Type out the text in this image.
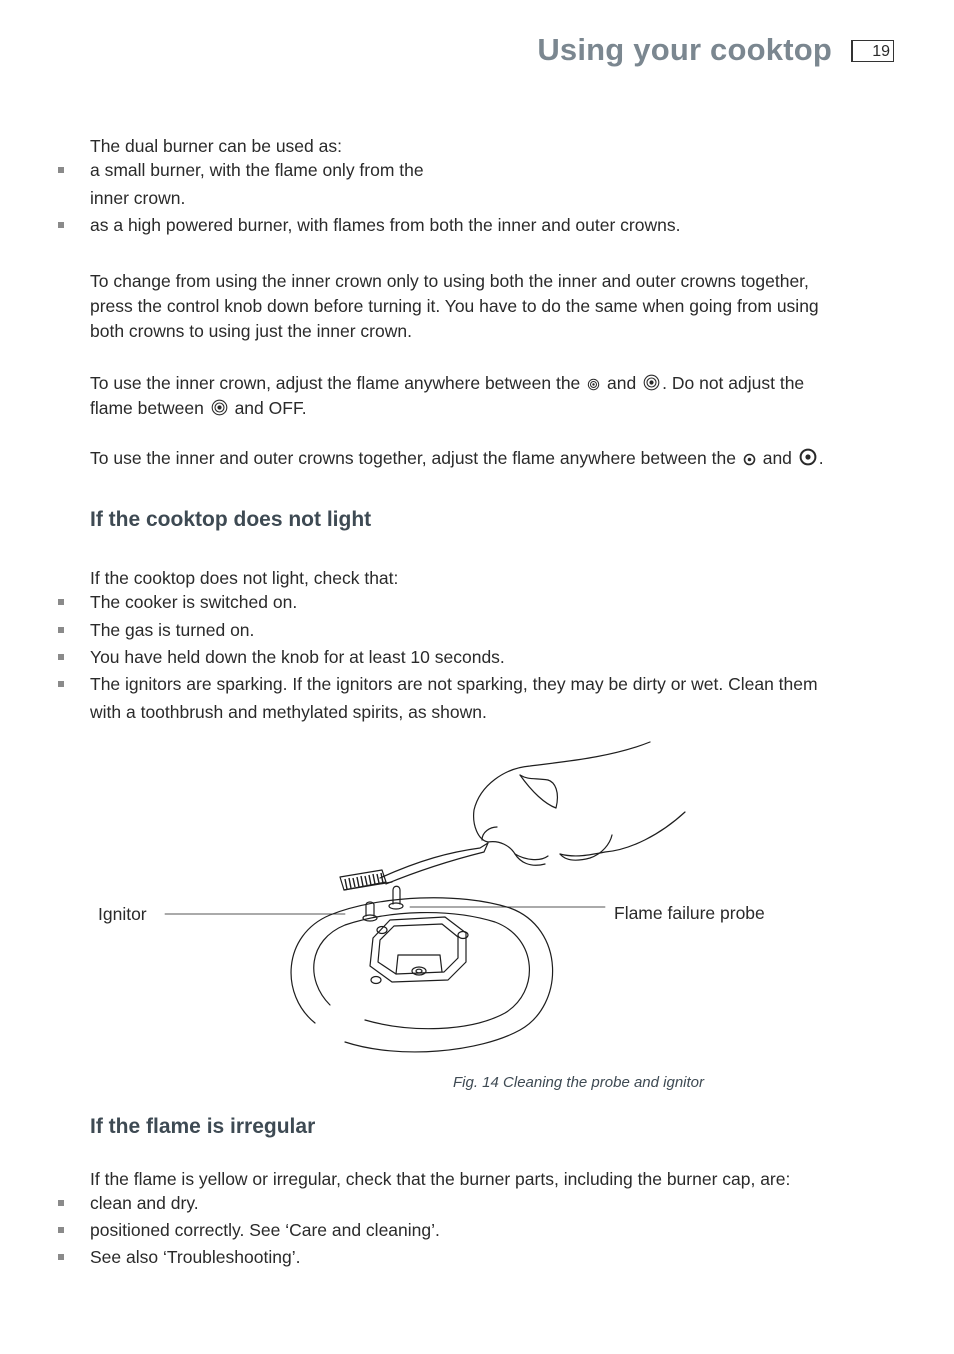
Using your cooktop	19
The dual burner can be used as:
a small burner, with the flame only from the
inner crown.
as a high powered burner, with flames from both the inner and outer crowns.
To change from using the inner crown only to using both the inner and outer crowns together,
press the control knob down before turning it. You have to do the same when going from using
both crowns to using just the inner crown.
To use the inner crown, adjust the flame anywhere between the and . Do not adjust the
flame between and OFF.
To use the inner and outer crowns together, adjust the flame anywhere between the and .
If the cooktop does not light
If the cooktop does not light, check that:
The cooker is switched on.
The gas is turned on.
You have held down the knob for at least 10 seconds.
The ignitors are sparking. If the ignitors are not sparking, they may be dirty or wet. Clean them
with a toothbrush and methylated spirits, as shown.
Ignitor	Flame failure probe
Fig. 14 Cleaning the probe and ignitor
If the flame is irregular
If the flame is yellow or irregular, check that the burner parts, including the burner cap, are:
clean and dry.
positioned correctly. See ‘Care and cleaning’.
See also ‘Troubleshooting’.
